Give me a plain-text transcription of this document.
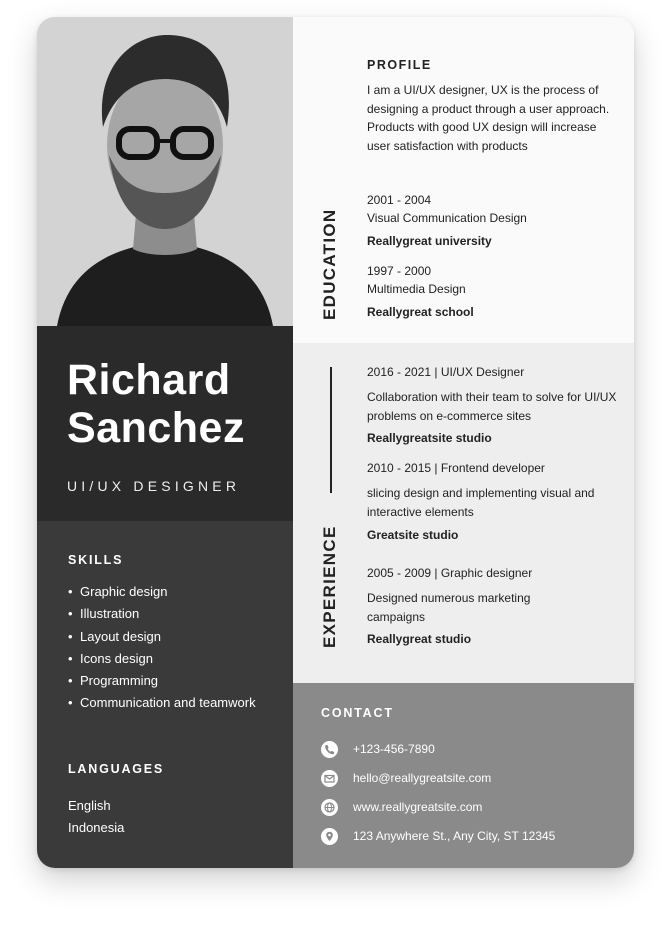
Richard
Sanchez
UI/UX DESIGNER
SKILLS
• Graphic design
• Illustration
• Layout design
• Icons design
• Programming
• Communication and teamwork
LANGUAGES
English
Indonesia
PROFILE
I am a UI/UX designer, UX is the process of designing a product through a user approach. Products with good UX design will increase user satisfaction with products
EDUCATION
2001 - 2004
Visual Communication Design
Reallygreat university
1997 - 2000
Multimedia Design
Reallygreat school
EXPERIENCE
2016 - 2021 | UI/UX Designer
Collaboration with their team to solve for UI/UX problems on e-commerce sites
Reallygreatsite studio
2010 - 2015 | Frontend developer
slicing design and implementing visual and interactive elements
Greatsite studio
2005 - 2009 | Graphic designer
Designed numerous marketing campaigns
Reallygreat studio
CONTACT
+123-456-7890
hello@reallygreatsite.com
www.reallygreatsite.com
123 Anywhere St., Any City, ST 12345
